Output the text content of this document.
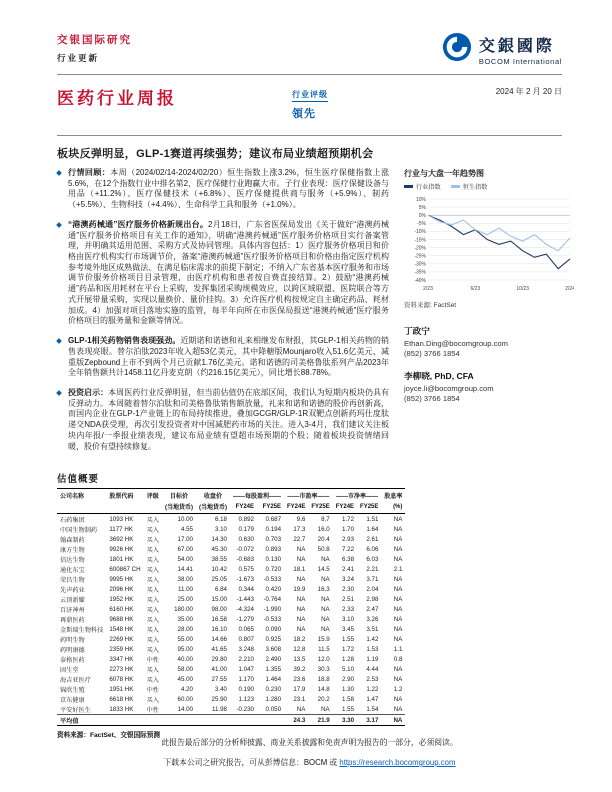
交银国际研究
行业更新
交銀國際
BOCOM International
医药行业周报	行业评级
領先
2024 年 2 月 20 日
板块反弹明显，GLP-1赛道再续强势；建议布局业绩超预期机会
行情回顾：本周（2024/02/14-2024/02/20）恒生指数上涨3.2%，恒生医疗保健指数上涨5.6%，在12个指数行业中排名第2，医疗保健行业跑赢大市。子行业表现：医疗保健设备与用品（+11.2%）、医疗保健技术（+6.8%）、医疗保健提供商与服务（+5.9%）、制药（+5.5%）、生物科技（+4.4%）、生命科学工具和服务（+1.0%）。
“港澳药械通”医疗服务价格新规出台。2月18日，广东省医保局发出《关于做好“港澳药械通”医疗服务价格项目有关工作的通知》，明确“港澳药械通”医疗服务价格项目实行备案管理，并明确其适用范围、采购方式及协同管理。具体内容包括：1）医疗服务价格项目和价格由医疗机构实行市场调节价，备案“港澳药械通”医疗服务价格项目和价格由指定医疗机构参考境外地区成熟做法、在满足临床需求的前提下制定；不纳入广东省基本医疗服务和市场调节价服务价格项目目录管理，由医疗机构和患者按自费直接结算。2）鼓励“港澳药械通”药品和医用耗材在平台上采购，发挥集团采购规模效应，以跨区域联盟、医院联合等方式开展带量采购，实现以量换价、量价挂钩。3）允许医疗机构按规定自主确定药品、耗材加成。4）加强对项目落地实施的监管，每半年向所在市医保局报送“港澳药械通”医疗服务价格项目的服务量和金额等情况。
GLP-1相关药物销售表现强劲。近期诺和诺德和礼来相继发布财报，其GLP-1相关药物的销售表现亮眼。替尔泊肽2023年收入超53亿美元，其中降糖版Mounjaro收入51.6亿美元，减重版Zepbound上市不到两个月已贡献1.76亿美元。诺和诺德的司美格鲁肽系列产品2023年全年销售额共计1458.11亿丹麦克朗（约216.15亿美元），同比增长88.78%。
投资启示：本周医药行业反弹明显，但当前估值仍在底部区间，我们认为短期内板块仍具有反弹动力。本周随着替尔泊肽和司美格鲁肽销售额放量，礼来和诺和诺德的股价再创新高，而国内企业在GLP-1产业链上的布局持续推进，叠加GCGR/GLP-1R双靶点创新药玛仕度肽递交NDA获受理，再次引发投资者对中国减肥药市场的关注。进入3-4月，我们建议关注板块内年报/一季报业绩表现，建议布局业绩有望超市场预期的个股；随着板块投资情绪回暖，股价有望持续修复。
行业与大盘一年趋势图
行业指数	恒生指数
10%
5%
0%
-5%
-10%
-15%
-20%
-25%
-30%
-35%
-40%
2/23	6/23	10/23	2/24
资料来源: FactSet
丁政宁
Ethan.Ding@bocomgroup.com
(852) 3766 1854
李柳晓, PhD, CFA
joyce.li@bocomgroup.com
(852) 3766 1854
估值概要
公司名称	股票代码	评级	目标价	收盘价	——每股盈利——		——市盈率——		——市净率——		股息率
			(当地货币)	(当地货币)	FY24E	FY25E	FY24E	FY25E	FY24E	FY25E	(%)
石药集团	1093 HK	买入	10.00	6.18	0.892	0.687	9.6	8.7	1.72	1.51	NA
中国生物制药	1177 HK	买入	4.55	3.10	0.179	0.194	17.3	16.0	1.70	1.64	NA
翰森制药	3692 HK	买入	17.00	14.30	0.630	0.703	22.7	20.4	2.93	2.61	NA
康方生物	9926 HK	买入	67.00	45.30	-0.072	0.893	NA	50.8	7.22	6.06	NA
信达生物	1801 HK	买入	54.00	38.55	-0.683	0.130	NA	NA	6.38	6.03	NA
通化东宝	600867 CH	买入	14.41	10.42	0.575	0.720	18.1	14.5	2.41	2.21	2.1
荣昌生物	9995 HK	买入	38.00	25.05	-1.673	-0.533	NA	NA	3.24	3.71	NA
先声药业	2096 HK	买入	11.00	6.84	0.344	0.420	19.9	16.3	2.30	2.04	NA
云顶新耀	1952 HK	买入	25.00	15.00	-1.443	-0.764	NA	NA	2.51	2.98	NA
百济神州	6160 HK	买入	180.00	98.00	-4.324	-1.990	NA	NA	2.33	2.47	NA
再鼎医药	9688 HK	买入	35.00	16.58	-1.279	-0.533	NA	NA	3.10	3.26	NA
金斯瑞生物科技	1548 HK	买入	28.00	16.10	0.065	0.090	NA	NA	3.45	3.51	NA
药明生物	2269 HK	买入	55.00	14.66	0.807	0.925	18.2	15.9	1.55	1.42	NA
药明康德	2359 HK	买入	95.00	41.65	3.248	3.608	12.8	11.5	1.72	1.53	1.1
泰格医药	3347 HK	中性	40.00	29.80	2.210	2.490	13.5	12.0	1.28	1.19	0.8
固生堂	2273 HK	买入	58.00	41.00	1.047	1.355	39.2	30.3	5.10	4.44	NA
海吉亚医疗	6078 HK	买入	45.00	27.55	1.170	1.464	23.6	18.8	2.90	2.53	NA
锦欣生殖	1951 HK	中性	4.20	3.40	0.190	0.230	17.9	14.8	1.30	1.22	1.2
京东健康	6618 HK	买入	60.00	25.90	1.123	1.280	23.1	20.2	1.58	1.47	NA
平安好医生	1833 HK	中性	14.00	11.98	-0.230	0.050	NA	NA	1.55	1.54	NA
平均值							24.3	21.9	3.30	3.17	NA
资料来源：FactSet、交银国际预测
此报告最后部分的分析师披露、商业关系披露和免责声明为报告的一部分，必须阅读。
下载本公司之研究报告，可从彭博信息：BOCM 或 https://research.bocomgroup.com
